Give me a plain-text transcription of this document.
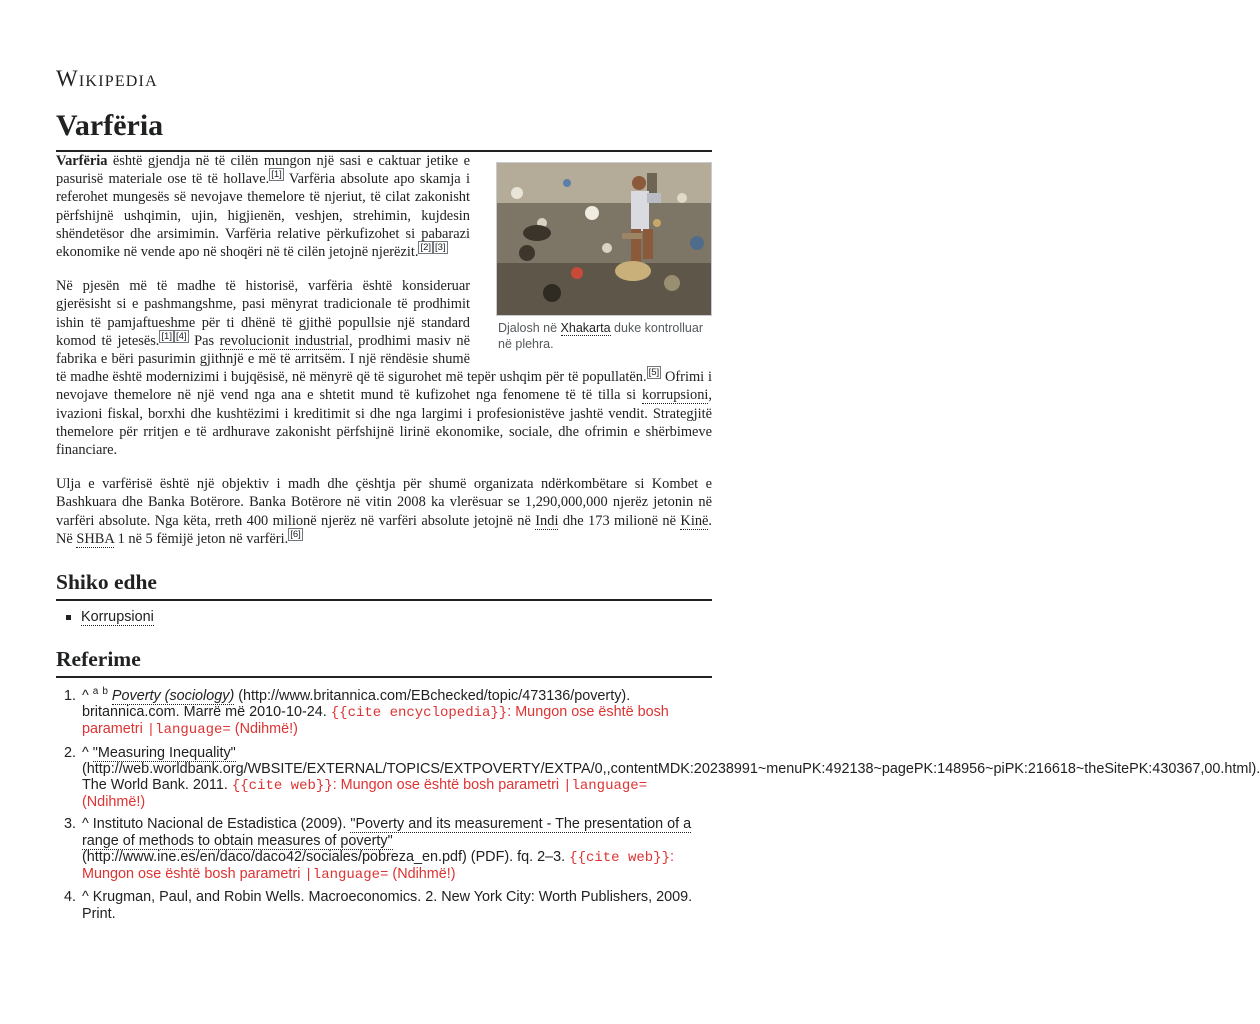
Wikipedia
Varfëria
Djalosh në Xhakarta duke kontrolluar në plehra.

Varfëria është gjendja në të cilën mungon një sasi e caktuar jetike e pasurisë materiale ose të të hollave. [1] Varfëria absolute apo skamja i referohet mungesës së nevojave themelore të njeriut, të cilat zakonisht përfshijnë ushqimin, ujin, higjienën, veshjen, strehimin, kujdesin shëndetësor dhe arsimimin. Varfëria relative përkufizohet si pabarazi ekonomike në vende apo në shoqëri në të cilën jetojnë njerëzit. [2] [3]

Në pjesën më të madhe të historisë, varfëria është konsideruar gjerësisht si e pashmangshme, pasi mënyrat tradicionale të prodhimit ishin të pamjaftueshme për ti dhënë të gjithë popullsie një standard komod të jetesës. [1] [4] Pas revolucionit industrial, prodhimi masiv në fabrika e bëri pasurimin gjithnjë e më të arritsëm. I një rëndësie shumë të madhe është modernizimi i bujqësisë, në mënyrë që të sigurohet më tepër ushqim për të popullatën. [5] Ofrimi i nevojave themelore në një vend nga ana e shtetit mund të kufizohet nga fenomene të të tilla si korrupsioni, ivazioni fiskal, borxhi dhe kushtëzimi i kreditimit si dhe nga largimi i profesionistëve jashtë vendit. Strategjitë themelore për rritjen e të ardhurave zakonisht përfshijnë lirinë ekonomike, sociale, dhe ofrimin e shërbimeve financiare.

Ulja e varfërisë është një objektiv i madh dhe çështja për shumë organizata ndërkombëtare si Kombet e Bashkuara dhe Banka Botërore. Banka Botërore në vitin 2008 ka vlerësuar se 1,290,000,000 njerëz jetonin në varfëri absolute. Nga këta, rreth 400 milionë njerëz në varfëri absolute jetojnë në Indi dhe 173 milionë në Kinë. Në SHBA 1 në 5 fëmijë jeton në varfëri. [6]

Shiko edhe
Korrupsioni
Referime
1. ^ $^a$ $^b$ Poverty (sociology) (http://www.britannica.com/EBchecked/topic/473136/poverty). britannica.com. Marrë më 2010-10-24. {{cite encyclopedia}}: Mungon ose është bosh parametri |language= (Ndihmë!)
2. ^ "Measuring Inequality" (http://web.worldbank.org/WBSITE/EXTERNAL/TOPICS/EXTPOVERTY/EXTPA/0,,contentMDK:20238991~menuPK:492138~pagePK:148956~piPK:216618~theSitePK:430367,00.html). The World Bank. 2011. {{cite web}}: Mungon ose është bosh parametri |language= (Ndihmë!)
3. ^ Instituto Nacional de Estadistica (2009). "Poverty and its measurement - The presentation of a range of methods to obtain measures of poverty" (http://www.ine.es/en/daco/daco42/sociales/pobreza_en.pdf) (PDF). fq. 2–3. {{cite web}}: Mungon ose është bosh parametri |language= (Ndihmë!)
4. ^ Krugman, Paul, and Robin Wells. Macroeconomics. 2. New York City: Worth Publishers, 2009. Print.
